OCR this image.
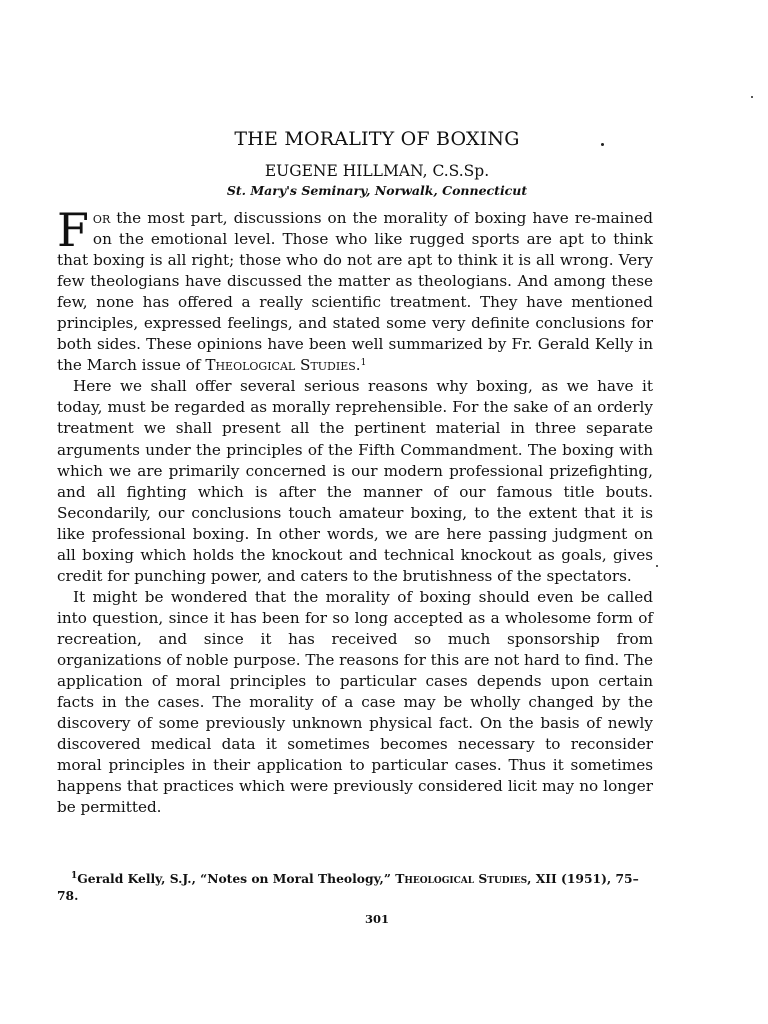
THE MORALITY OF BOXING
EUGENE HILLMAN, C.S.Sp.
St. Mary's Seminary, Norwalk, Connecticut

For the most part, discussions on the morality of boxing have re-mained on the emotional level. Those who like rugged sports are apt to think that boxing is all right; those who do not are apt to think it is all wrong. Very few theologians have discussed the matter as theologians. And among these few, none has offered a really scientific treatment. They have mentioned principles, expressed feelings, and stated some very definite conclusions for both sides. These opinions have been well summarized by Fr. Gerald Kelly in the March issue of Theological Studies.$^1$

Here we shall offer several serious reasons why boxing, as we have it today, must be regarded as morally reprehensible. For the sake of an orderly treatment we shall present all the pertinent material in three separate arguments under the principles of the Fifth Commandment. The boxing with which we are primarily concerned is our modern professional prizefighting, and all fighting which is after the manner of our famous title bouts. Secondarily, our conclusions touch amateur boxing, to the extent that it is like professional boxing. In other words, we are here passing judgment on all boxing which holds the knockout and technical knockout as goals, gives credit for punching power, and caters to the brutishness of the spectators.

It might be wondered that the morality of boxing should even be called into question, since it has been for so long accepted as a wholesome form of recreation, and since it has received so much sponsorship from organizations of noble purpose. The reasons for this are not hard to find. The application of moral principles to particular cases depends upon certain facts in the cases. The morality of a case may be wholly changed by the discovery of some previously unknown physical fact. On the basis of newly discovered medical data it sometimes becomes necessary to reconsider moral principles in their application to particular cases. Thus it sometimes happens that practices which were previously considered licit may no longer be permitted.

$^1$Gerald Kelly, S.J., “Notes on Moral Theology,” Theological Studies, XII (1951), 75–78.
301
